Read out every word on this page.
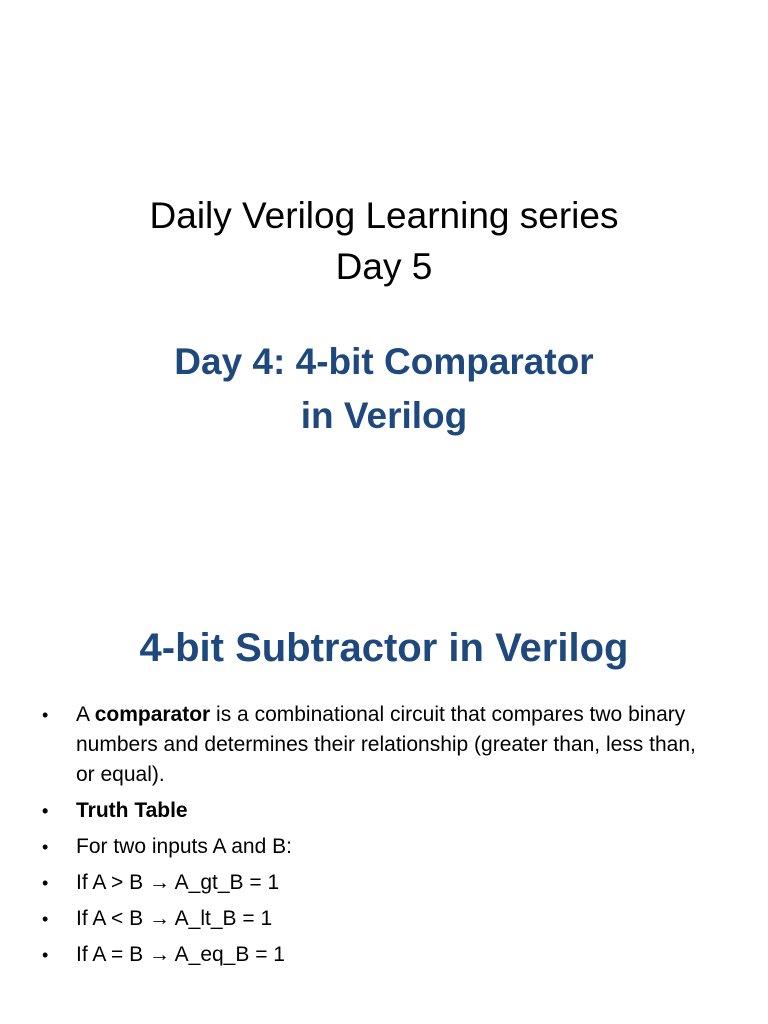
Daily Verilog Learning series
Day 5
Day 4: 4-bit Comparator
in Verilog
4-bit Subtractor in Verilog
•	A comparator is a combinational circuit that compares two binary numbers and determines their relationship (greater than, less than, or equal).
•	Truth Table
•	For two inputs A and B:
•	If A > B → A_gt_B = 1
•	If A < B → A_lt_B = 1
•	If A = B → A_eq_B = 1
